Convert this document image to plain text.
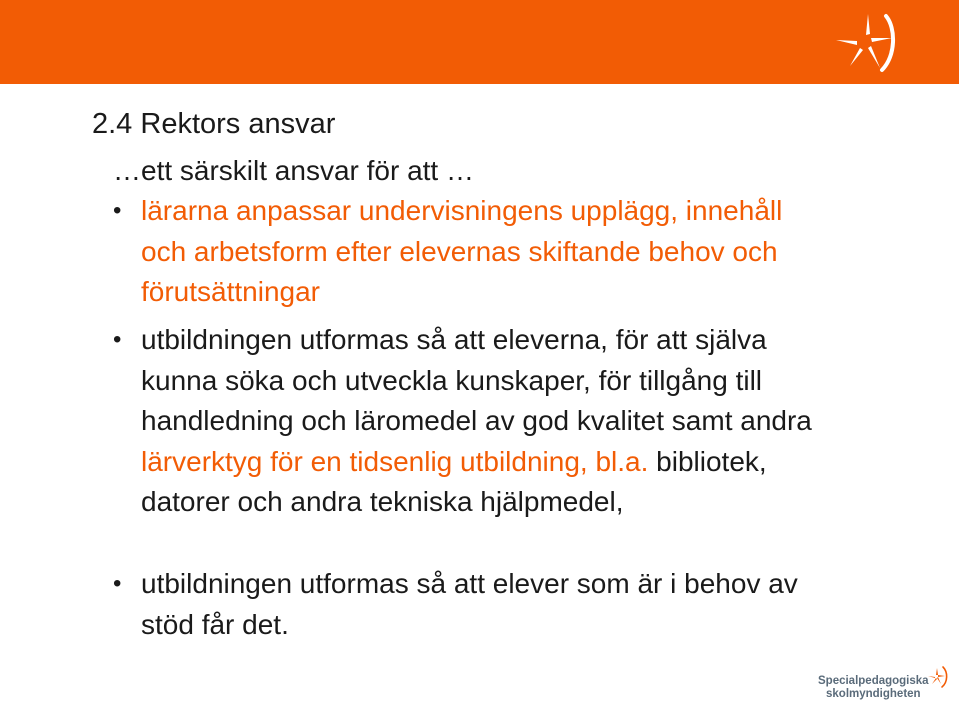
2.4 Rektors ansvar
…ett särskilt ansvar för att …
• lärarna anpassar undervisningens upplägg, innehåll och arbetsform efter elevernas skiftande behov och förutsättningar
• utbildningen utformas så att eleverna, för att själva kunna söka och utveckla kunskaper, för tillgång till handledning och läromedel av god kvalitet samt andra lärverktyg för en tidsenlig utbildning, bl.a. bibliotek, datorer och andra tekniska hjälpmedel,
• utbildningen utformas så att elever som är i behov av stöd får det.
Specialpedagogiska
skolmyndigheten
